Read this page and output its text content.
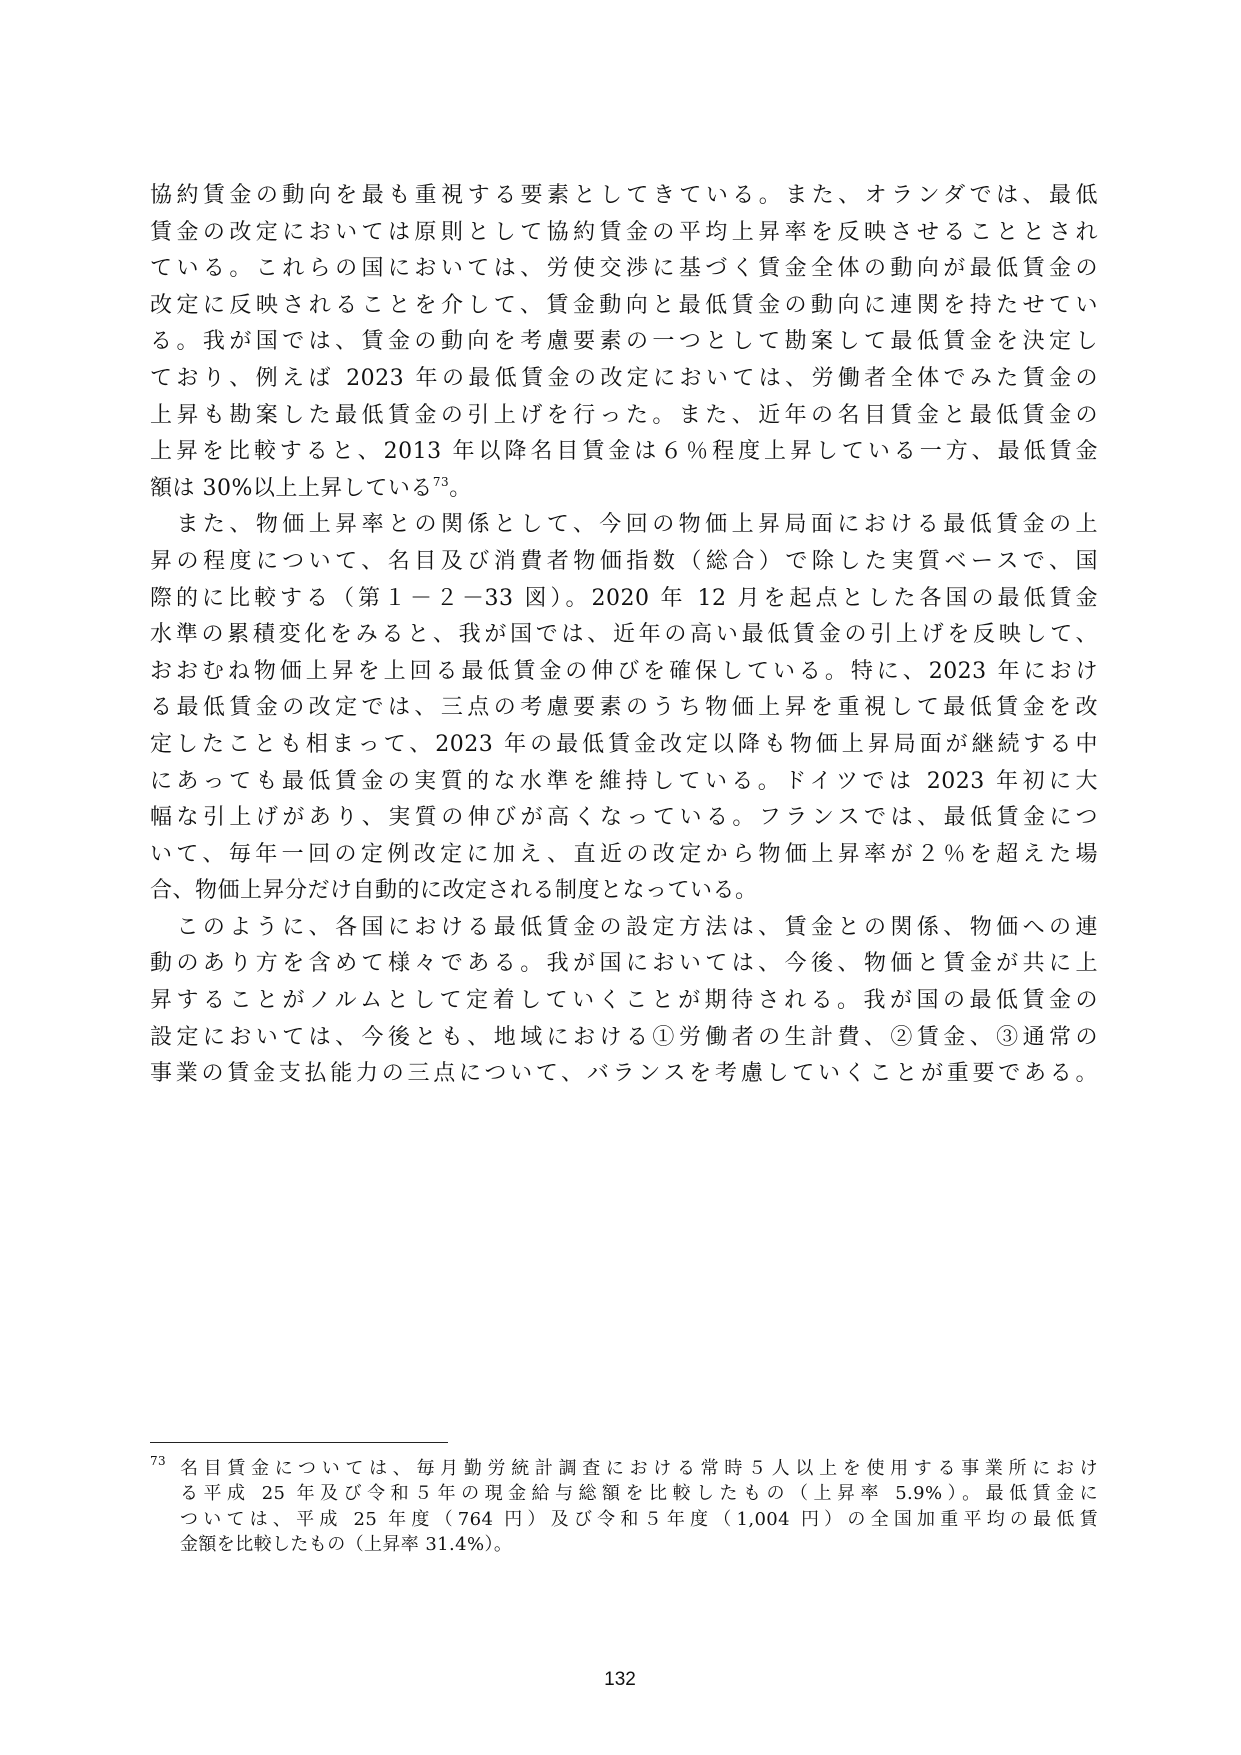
協約賃金の動向を最も重視する要素としてきている。また、オランダでは、最低
賃金の改定においては原則として協約賃金の平均上昇率を反映させることとされ
ている。これらの国においては、労使交渉に基づく賃金全体の動向が最低賃金の
改定に反映されることを介して、賃金動向と最低賃金の動向に連関を持たせてい
る。我が国では、賃金の動向を考慮要素の一つとして勘案して最低賃金を決定し
ており、例えば 2023 年の最低賃金の改定においては、労働者全体でみた賃金の
上昇も勘案した最低賃金の引上げを行った。また、近年の名目賃金と最低賃金の
上昇を比較すると、2013 年以降名目賃金は６％程度上昇している一方、最低賃金
額は 30%以上上昇している$^{73}$。
　また、物価上昇率との関係として、今回の物価上昇局面における最低賃金の上
昇の程度について、名目及び消費者物価指数（総合）で除した実質ベースで、国
際的に比較する（第１－２－33 図）。2020 年 12 月を起点とした各国の最低賃金
水準の累積変化をみると、我が国では、近年の高い最低賃金の引上げを反映して、
おおむね物価上昇を上回る最低賃金の伸びを確保している。特に、2023 年におけ
る最低賃金の改定では、三点の考慮要素のうち物価上昇を重視して最低賃金を改
定したことも相まって、2023 年の最低賃金改定以降も物価上昇局面が継続する中
にあっても最低賃金の実質的な水準を維持している。ドイツでは 2023 年初に大
幅な引上げがあり、実質の伸びが高くなっている。フランスでは、最低賃金につ
いて、毎年一回の定例改定に加え、直近の改定から物価上昇率が２％を超えた場
合、物価上昇分だけ自動的に改定される制度となっている。
　このように、各国における最低賃金の設定方法は、賃金との関係、物価への連
動のあり方を含めて様々である。我が国においては、今後、物価と賃金が共に上
昇することがノルムとして定着していくことが期待される。我が国の最低賃金の
設定においては、今後とも、地域における①労働者の生計費、②賃金、③通常の
事業の賃金支払能力の三点について、バランスを考慮していくことが重要である。
73 名目賃金については、毎月勤労統計調査における常時５人以上を使用する事業所におけ
る平成 25 年及び令和５年の現金給与総額を比較したもの（上昇率 5.9%）。最低賃金に
ついては、平成 25 年度（764 円）及び令和５年度（1,004 円）の全国加重平均の最低賃
金額を比較したもの（上昇率 31.4%）。
132
